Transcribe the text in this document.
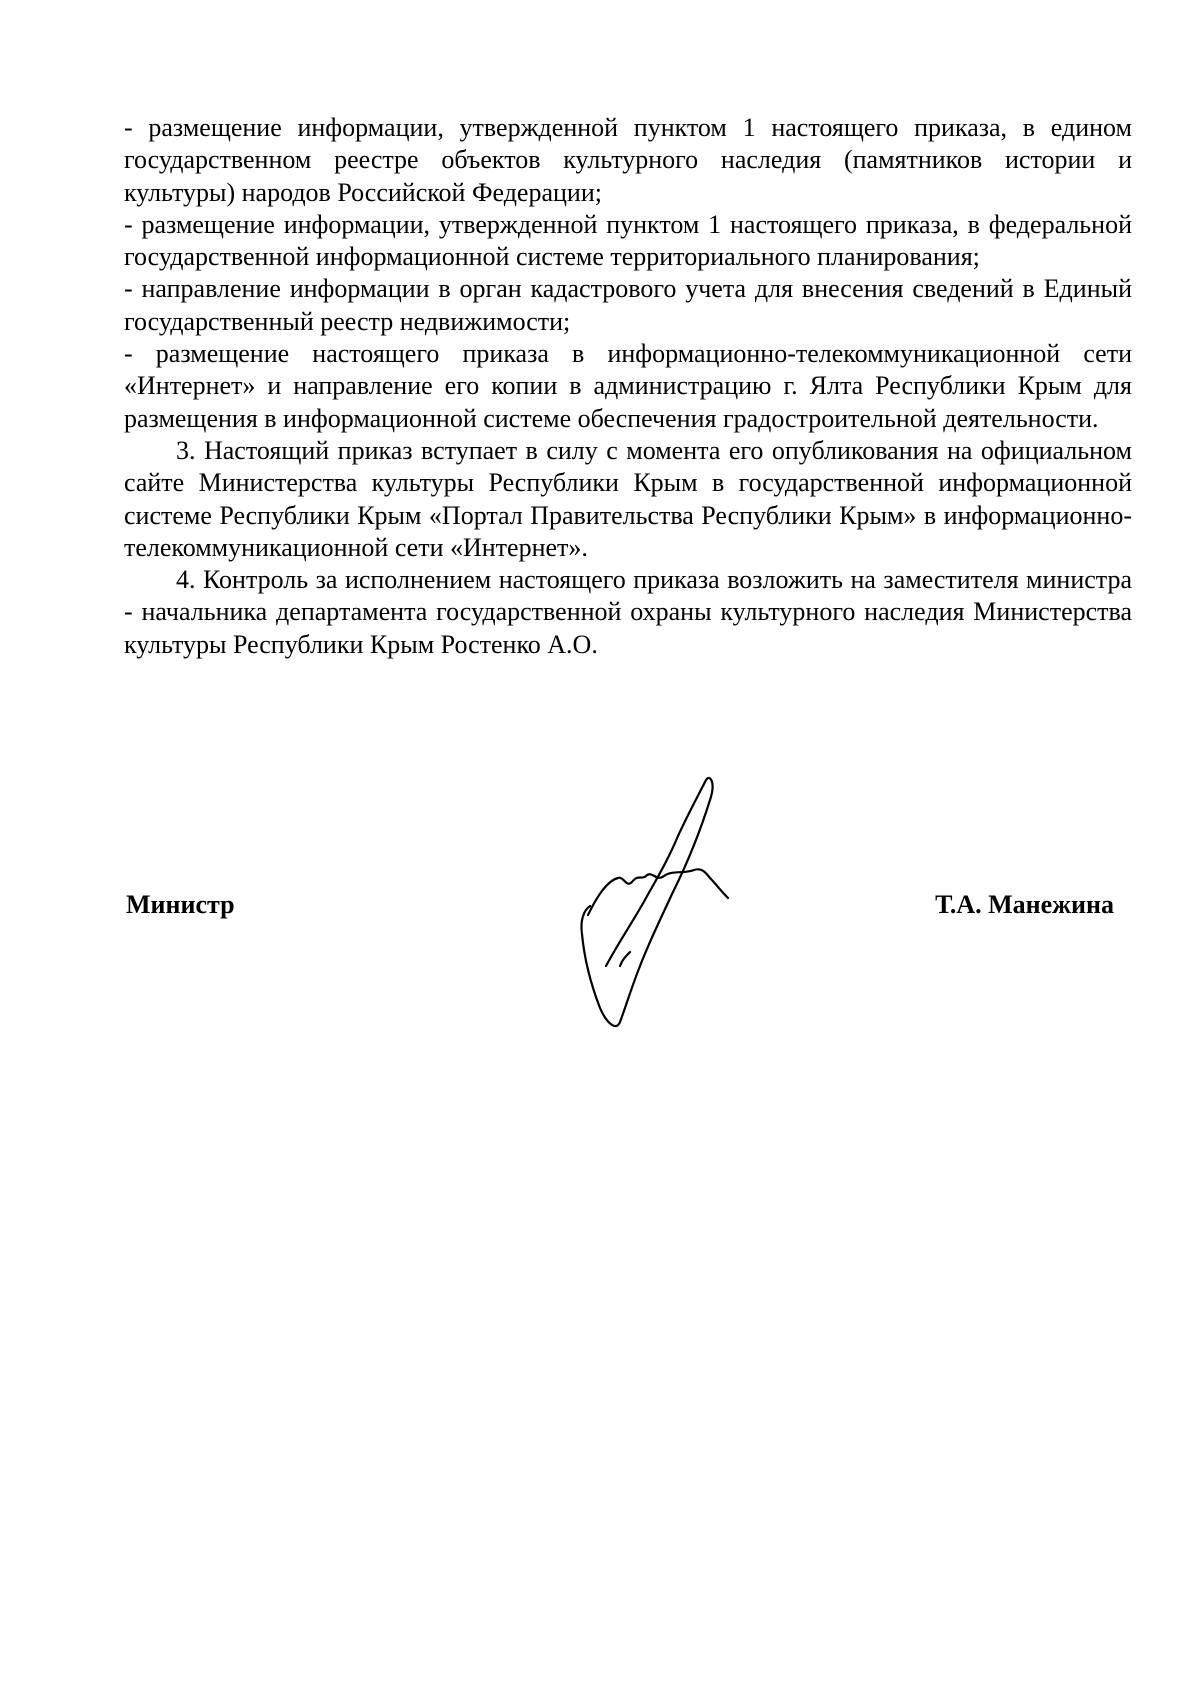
- размещение информации, утвержденной пунктом 1 настоящего приказа, в едином государственном реестре объектов культурного наследия (памятников истории и культуры) народов Российской Федерации;

- размещение информации, утвержденной пунктом 1 настоящего приказа, в федеральной государственной информационной системе территориального планирования;

- направление информации в орган кадастрового учета для внесения сведений в Единый государственный реестр недвижимости;

- размещение настоящего приказа в информационно-телекоммуникационной сети «Интернет» и направление его копии в администрацию г. Ялта Республики Крым для размещения в информационной системе обеспечения градостроительной деятельности.

3. Настоящий приказ вступает в силу с момента его опубликования на официальном сайте Министерства культуры Республики Крым в государственной информационной системе Республики Крым «Портал Правительства Республики Крым» в информационно-телекоммуникационной сети «Интернет».

4. Контроль за исполнением настоящего приказа возложить на заместителя министра - начальника департамента государственной охраны культурного наследия Министерства культуры Республики Крым Ростенко А.О.

Министр	Т.А. Манежина
